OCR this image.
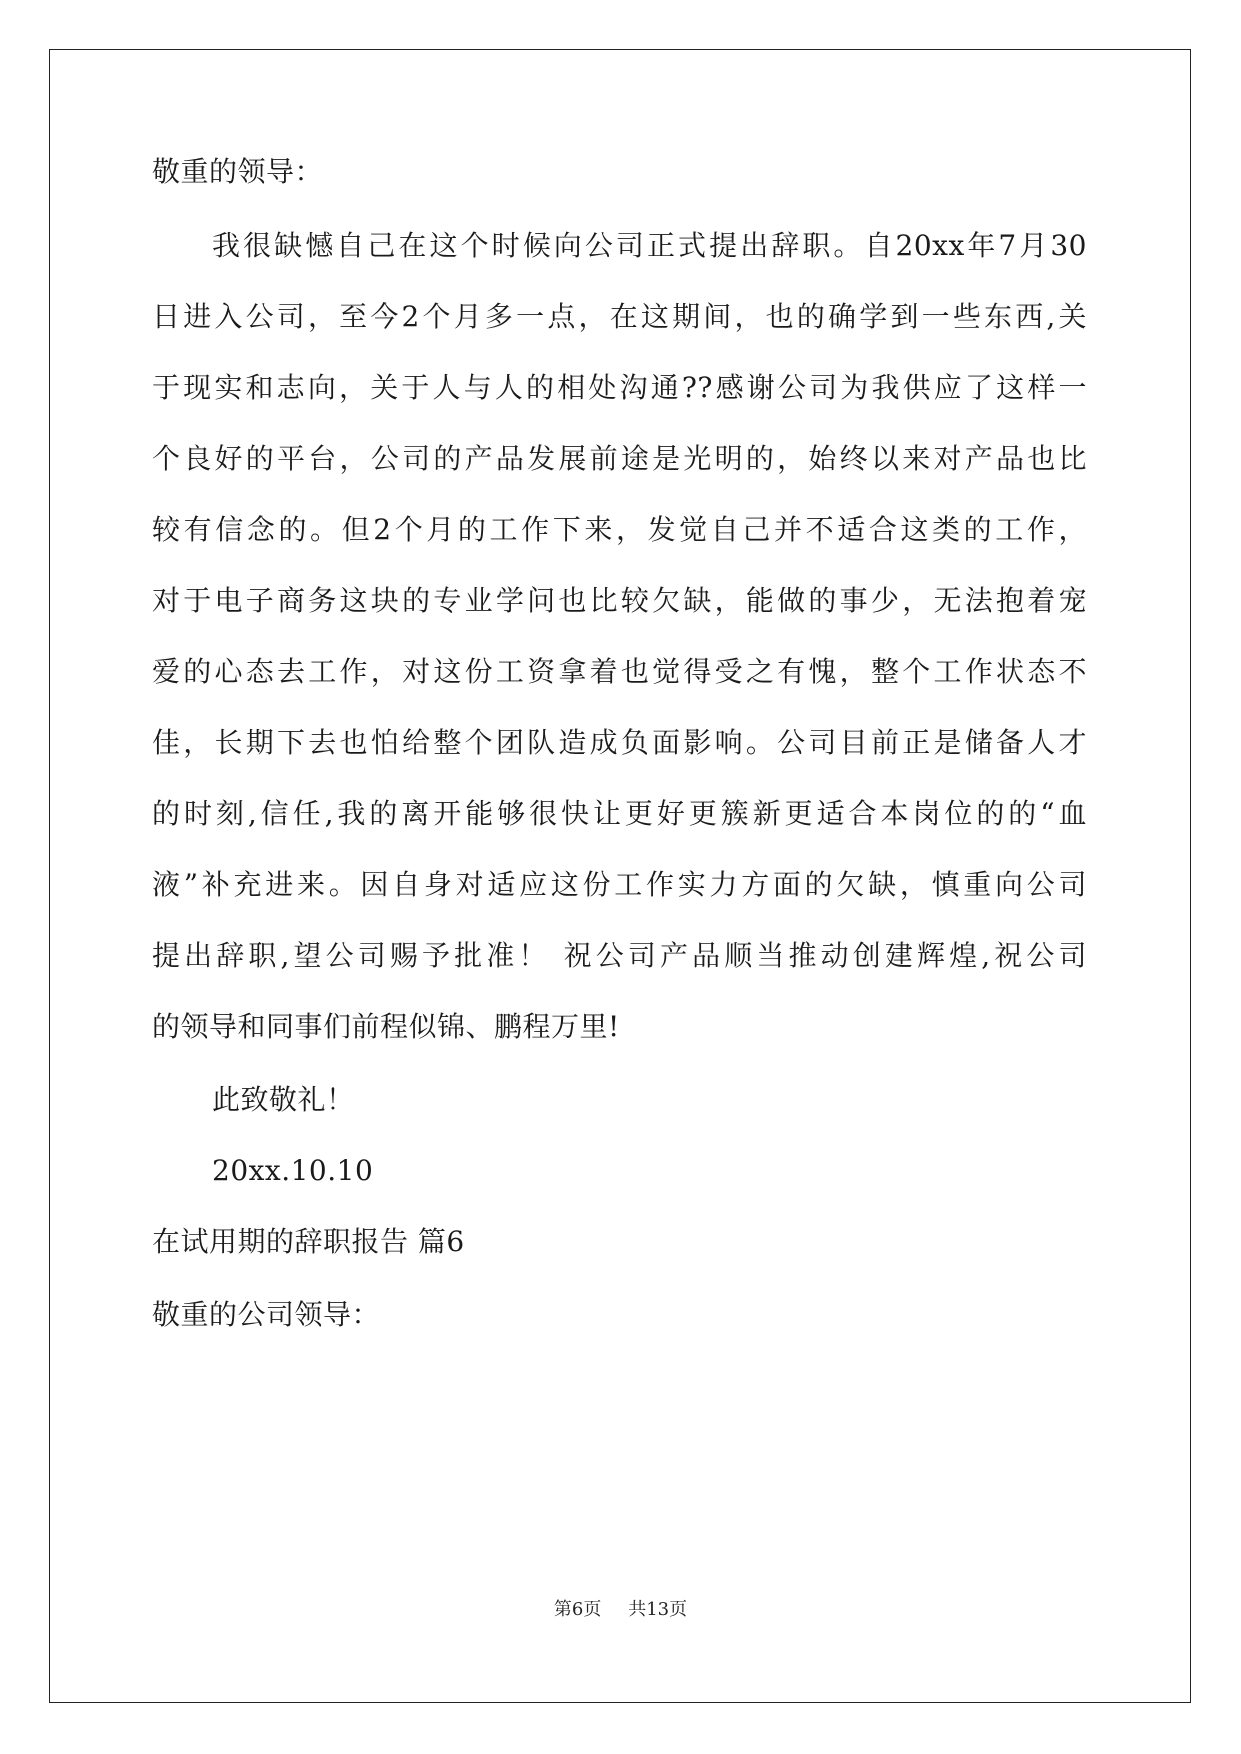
敬重的领导：
我很缺憾自己在这个时候向公司正式提出辞职。自20xx年7月30
日进入公司，至今2个月多一点，在这期间，也的确学到一些东西,关
于现实和志向，关于人与人的相处沟通??感谢公司为我供应了这样一
个良好的平台，公司的产品发展前途是光明的，始终以来对产品也比
较有信念的。但2个月的工作下来，发觉自己并不适合这类的工作，
对于电子商务这块的专业学问也比较欠缺，能做的事少，无法抱着宠
爱的心态去工作，对这份工资拿着也觉得受之有愧，整个工作状态不
佳，长期下去也怕给整个团队造成负面影响。公司目前正是储备人才
的时刻,信任,我的离开能够很快让更好更簇新更适合本岗位的的“血
液”补充进来。因自身对适应这份工作实力方面的欠缺，慎重向公司
提出辞职,望公司赐予批准！ 祝公司产品顺当推动创建辉煌,祝公司
的领导和同事们前程似锦、鹏程万里!
此致敬礼！
20xx.10.10
在试用期的辞职报告 篇6
敬重的公司领导：
第6页 共13页
